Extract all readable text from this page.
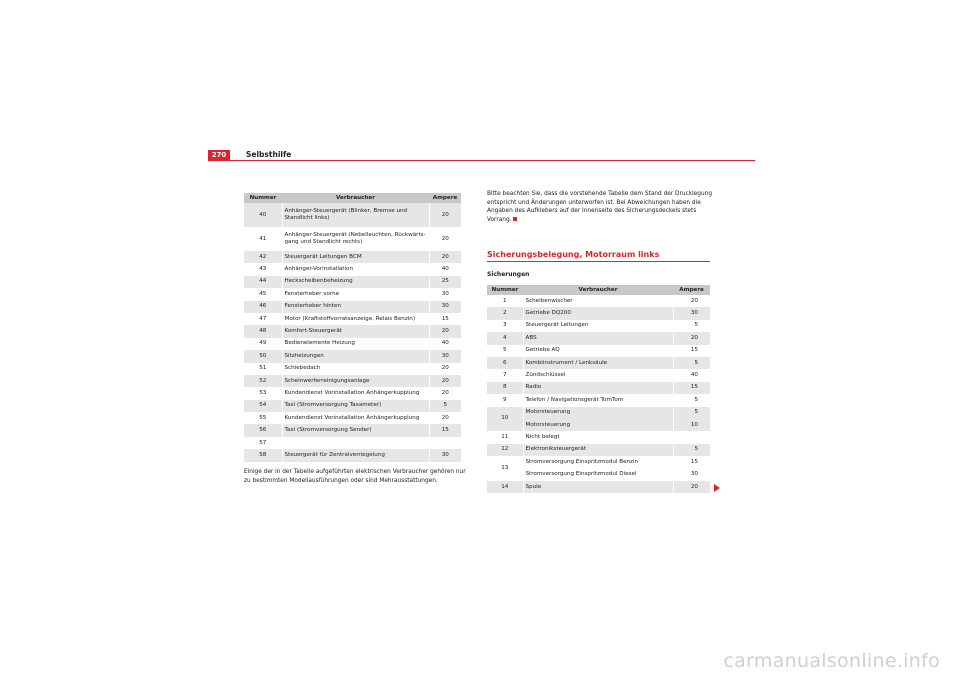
270	Selbsthilfe
Nummer	Verbraucher	Ampere
40	Anhänger-Steuergerät (Blinker, Bremse und Standlicht links)	20
41	Anhänger-Steuergerät (Nebelleuchten, Rückwärts-gang und Standlicht rechts)	20
42	Steuergerät Leitungen BCM	20
43	Anhänger-Vorinstallation	40
44	Heckscheibenbeheizung	25
45	Fensterheber vorne	30
46	Fensterheber hinten	30
47	Motor (Kraftstoffvorratsanzeige, Relais Benzin)	15
48	Komfort-Steuergerät	20
49	Bedienelemente Heizung	40
50	Sitzheizungen	30
51	Schiebedach	20
52	Scheinwerferreinigungsanlage	20
53	Kundendienst Vorinstallation Anhängerkupplung	20
54	Taxi (Stromversorgung Taxameter)	5
55	Kundendienst Vorinstallation Anhängerkupplung	20
56	Taxi (Stromversorgung Sender)	15
57		
58	Steuergerät für Zentralverriegelung	30
Einige der in der Tabelle aufgeführten elektrischen Verbraucher gehören nur zu bestimmten Modellausführungen oder sind Mehrausstattungen.
Bitte beachten Sie, dass die vorstehende Tabelle dem Stand der Drucklegung entspricht und Änderungen unterworfen ist. Bei Abweichungen haben die Angaben des Aufklebers auf der Innenseite des Sicherungsdeckels stets Vorrang.
Sicherungsbelegung, Motorraum links
Sicherungen
Nummer	Verbraucher	Ampere
1	Scheibenwischer	20
2	Getriebe DQ200	30
3	Steuergerät Leitungen	5
4	ABS	20
5	Getriebe AQ	15
6	Kombiinstrument / Lenksäule	5
7	Zündschlüssel	40
8	Radio	15
9	Telefon / Navigationsgerät TomTom	5
10	Motorsteuerung	5
	Motorsteuerung	10
11	Nicht belegt	
12	Elektroniksteuergerät	5
13	Stromversorgung Einspritzmodul Benzin	15
	Stromversorgung Einspritzmodul Diesel	30
14	Spule	20
carmanualsonline.info
